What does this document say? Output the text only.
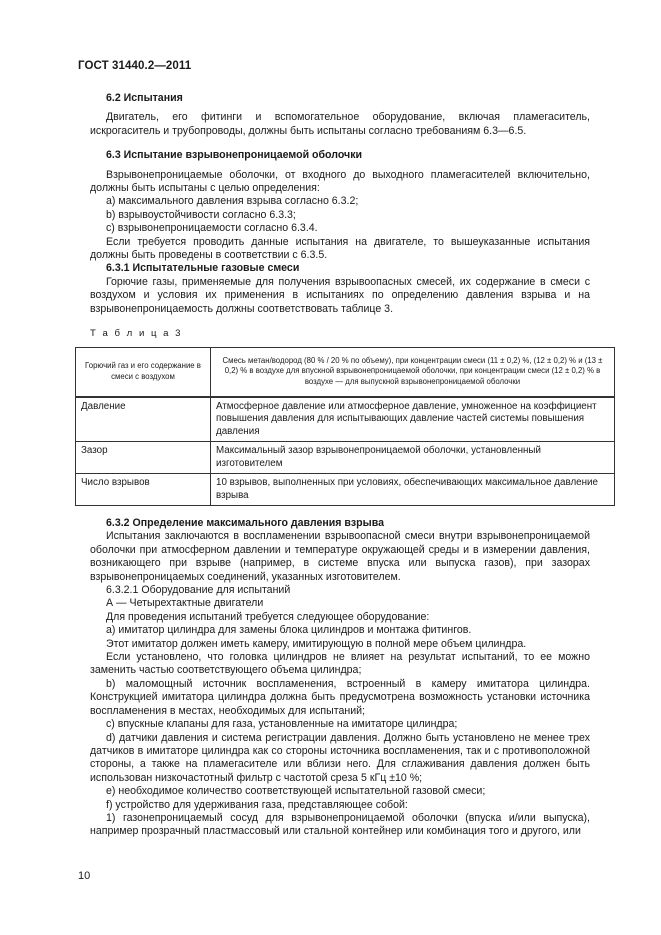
ГОСТ 31440.2—2011

6.2 Испытания

Двигатель, его фитинги и вспомогательное оборудование, включая пламегаситель, искрогаситель и трубопроводы, должны быть испытаны согласно требованиям 6.3—6.5.

6.3 Испытание взрывонепроницаемой оболочки

Взрывонепроницаемые оболочки, от входного до выходного пламегасителей включительно, должны быть испытаны с целью определения:

а) максимального давления взрыва согласно 6.3.2;

b) взрывоустойчивости согласно 6.3.3;

с) взрывонепроницаемости согласно 6.3.4.

Если требуется проводить данные испытания на двигателе, то вышеуказанные испытания должны быть проведены в соответствии с 6.3.5.

6.3.1 Испытательные газовые смеси

Горючие газы, применяемые для получения взрывоопасных смесей, их содержание в смеси с воздухом и условия их применения в испытаниях по определению давления взрыва и на взрывонепроницаемость должны соответствовать таблице 3.

Т а б л и ц а 3

Горючий газ и его содержание в смеси с воздухом	Смесь метан/водород (80 % / 20 % по объему), при концентрации смеси (11 ± 0,2) %, (12 ± 0,2) % и (13 ± 0,2) % в воздухе для впускной взрывонепроницаемой оболочки, при концентрации смеси (12 ± 0,2) % в воздухе — для выпускной взрывонепроницаемой оболочки
Давление	Атмосферное давление или атмосферное давление, умноженное на коэффициент повышения давления для испытывающих давление частей системы повышения давления
Зазор	Максимальный зазор взрывонепроницаемой оболочки, установленный изготовителем
Число взрывов	10 взрывов, выполненных при условиях, обеспечивающих максимальное давление взрыва

6.3.2 Определение максимального давления взрыва

Испытания заключаются в воспламенении взрывоопасной смеси внутри взрывонепроницаемой оболочки при атмосферном давлении и температуре окружающей среды и в измерении давления, возникающего при взрыве (например, в системе впуска или выпуска газов), при зазорах взрывонепроницаемых соединений, указанных изготовителем.

6.3.2.1 Оборудование для испытаний

А — Четырехтактные двигатели

Для проведения испытаний требуется следующее оборудование:

а) имитатор цилиндра для замены блока цилиндров и монтажа фитингов.

Этот имитатор должен иметь камеру, имитирующую в полной мере объем цилиндра.

Если установлено, что головка цилиндров не влияет на результат испытаний, то ее можно заменить частью соответствующего объема цилиндра;

b) маломощный источник воспламенения, встроенный в камеру имитатора цилиндра. Конструкцией имитатора цилиндра должна быть предусмотрена возможность установки источника воспламенения в местах, необходимых для испытаний;

с) впускные клапаны для газа, установленные на имитаторе цилиндра;

d) датчики давления и система регистрации давления. Должно быть установлено не менее трех датчиков в имитаторе цилиндра как со стороны источника воспламенения, так и с противоположной стороны, а также на пламегасителе или вблизи него. Для сглаживания давления должен быть использован низкочастотный фильтр с частотой среза 5 кГц ±10 %;

е) необходимое количество соответствующей испытательной газовой смеси;

f) устройство для удерживания газа, представляющее собой:

1) газонепроницаемый сосуд для взрывонепроницаемой оболочки (впуска и/или выпуска), например прозрачный пластмассовый или стальной контейнер или комбинация того и другого, или

10
